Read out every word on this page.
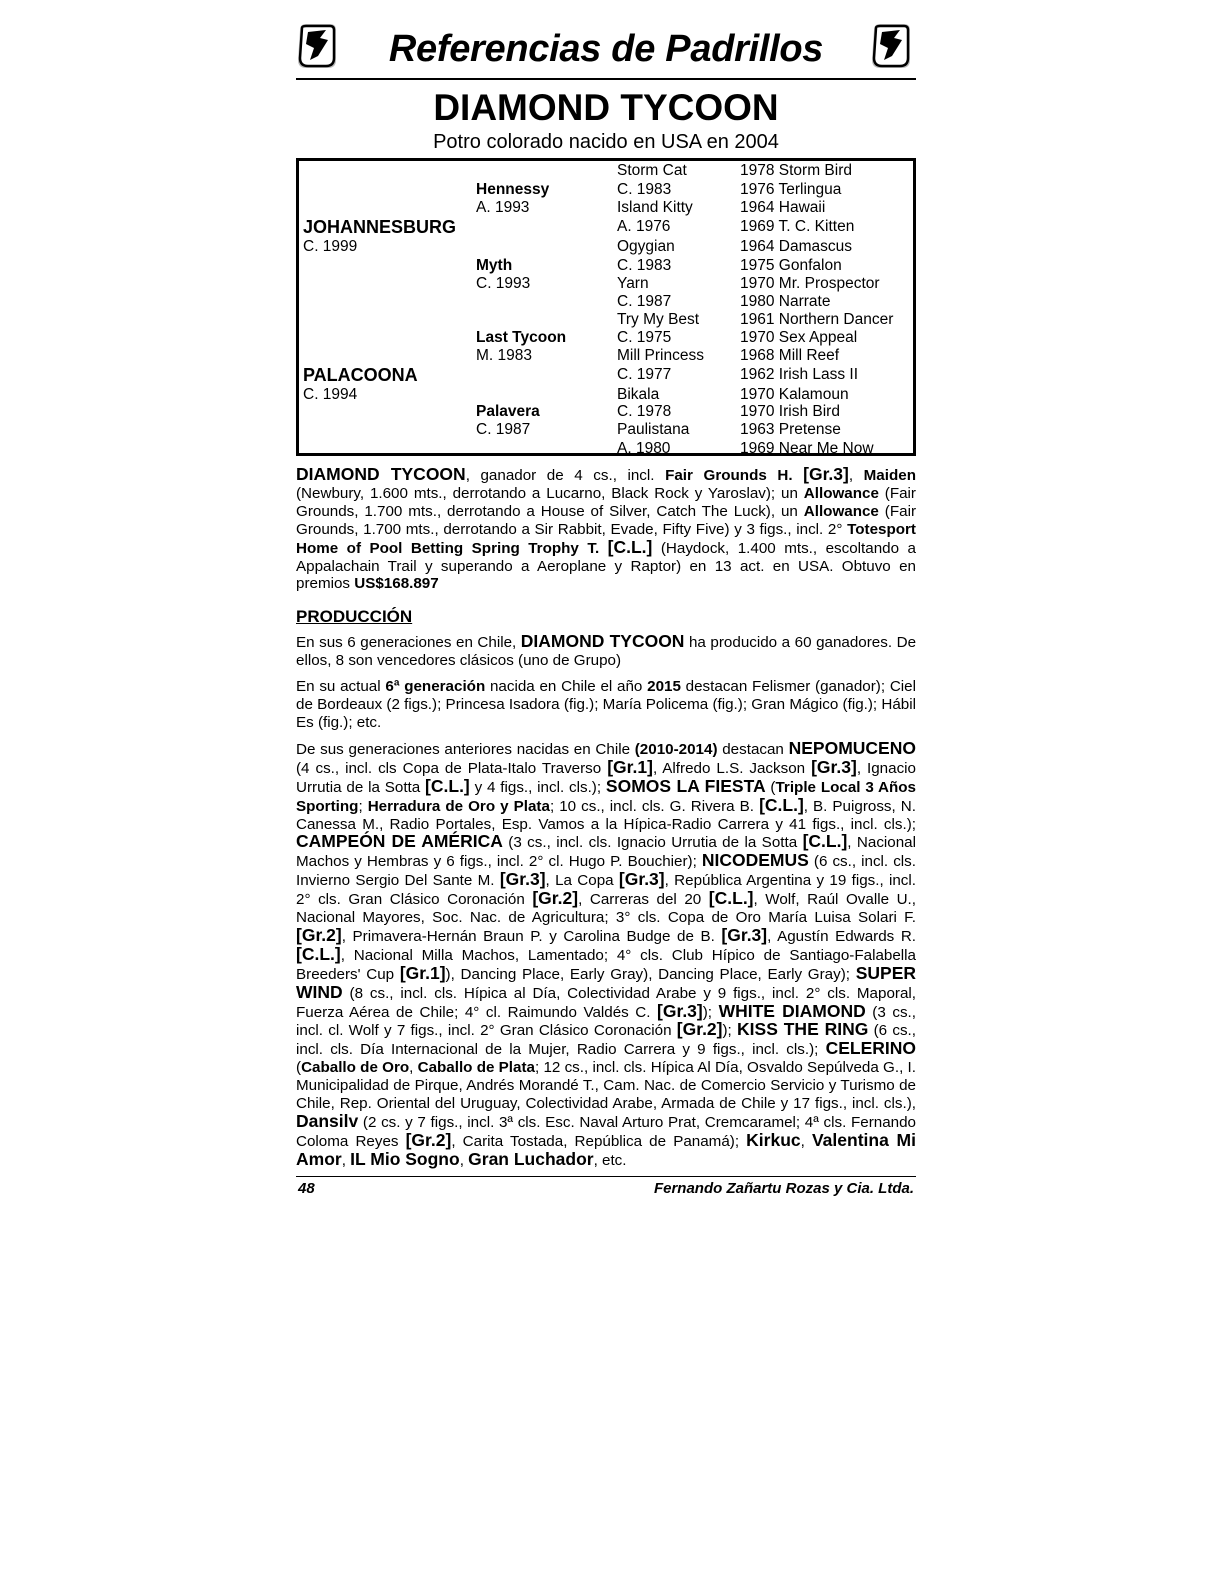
Referencias de Padrillos
DIAMOND TYCOON
Potro colorado nacido en USA en 2004
JOHANNESBURG
C. 1999
PALACOONA
C. 1994
Hennessy
A. 1993
Myth
C. 1993
Last Tycoon
M. 1983
Palavera
C. 1987
Storm Cat
C. 1983
Island Kitty
A. 1976
Ogygian
C. 1983
Yarn
C. 1987
Try My Best
C. 1975
Mill Princess
C. 1977
Bikala
C. 1978
Paulistana
A. 1980
1978 Storm Bird
1976 Terlingua
1964 Hawaii
1969 T. C. Kitten
1964 Damascus
1975 Gonfalon
1970 Mr. Prospector
1980 Narrate
1961 Northern Dancer
1970 Sex Appeal
1968 Mill Reef
1962 Irish Lass II
1970 Kalamoun
1970 Irish Bird
1963 Pretense
1969 Near Me Now

DIAMOND TYCOON, ganador de 4 cs., incl. Fair Grounds H. [Gr.3], Maiden (Newbury, 1.600 mts., derrotando a Lucarno, Black Rock y Yaroslav); un Allowance (Fair Grounds, 1.700 mts., derrotando a House of Silver, Catch The Luck), un Allowance (Fair Grounds, 1.700 mts., derrotando a Sir Rabbit, Evade, Fifty Five) y 3 figs., incl. 2° Totesport Home of Pool Betting Spring Trophy T. [C.L.] (Haydock, 1.400 mts., escoltando a Appalachain Trail y superando a Aeroplane y Raptor) en 13 act. en USA. Obtuvo en premios US$168.897

PRODUCCIÓN

En sus 6 generaciones en Chile, DIAMOND TYCOON ha producido a 60 ganadores. De ellos, 8 son vencedores clásicos (uno de Grupo)

En su actual 6ª generación nacida en Chile el año 2015 destacan Felismer (ganador); Ciel de Bordeaux (2 figs.); Princesa Isadora (fig.); María Policema (fig.); Gran Mágico (fig.); Hábil Es (fig.); etc.

De sus generaciones anteriores nacidas en Chile (2010-2014) destacan NEPOMUCENO (4 cs., incl. cls Copa de Plata-Italo Traverso [Gr.1], Alfredo L.S. Jackson [Gr.3], Ignacio Urrutia de la Sotta [C.L.] y 4 figs., incl. cls.); SOMOS LA FIESTA (Triple Local 3 Años Sporting; Herradura de Oro y Plata; 10 cs., incl. cls. G. Rivera B. [C.L.], B. Puigross, N. Canessa M., Radio Portales, Esp. Vamos a la Hípica-Radio Carrera y 41 figs., incl. cls.); CAMPEÓN DE AMÉRICA (3 cs., incl. cls. Ignacio Urrutia de la Sotta [C.L.], Nacional Machos y Hembras y 6 figs., incl. 2° cl. Hugo P. Bouchier); NICODEMUS (6 cs., incl. cls. Invierno Sergio Del Sante M. [Gr.3], La Copa [Gr.3], República Argentina y 19 figs., incl. 2° cls. Gran Clásico Coronación [Gr.2], Carreras del 20 [C.L.], Wolf, Raúl Ovalle U., Nacional Mayores, Soc. Nac. de Agricultura; 3° cls. Copa de Oro María Luisa Solari F. [Gr.2], Primavera-Hernán Braun P. y Carolina Budge de B. [Gr.3], Agustín Edwards R. [C.L.], Nacional Milla Machos, Lamentado; 4° cls. Club Hípico de Santiago-Falabella Breeders' Cup [Gr.1]), Dancing Place, Early Gray), Dancing Place, Early Gray); SUPER WIND (8 cs., incl. cls. Hípica al Día, Colectividad Arabe y 9 figs., incl. 2° cls. Maporal, Fuerza Aérea de Chile; 4° cl. Raimundo Valdés C. [Gr.3]); WHITE DIAMOND (3 cs., incl. cl. Wolf y 7 figs., incl. 2° Gran Clásico Coronación [Gr.2]); KISS THE RING (6 cs., incl. cls. Día Internacional de la Mujer, Radio Carrera y 9 figs., incl. cls.); CELERINO (Caballo de Oro, Caballo de Plata; 12 cs., incl. cls. Hípica Al Día, Osvaldo Sepúlveda G., I. Municipalidad de Pirque, Andrés Morandé T., Cam. Nac. de Comercio Servicio y Turismo de Chile, Rep. Oriental del Uruguay, Colectividad Arabe, Armada de Chile y 17 figs., incl. cls.), Dansilv (2 cs. y 7 figs., incl. 3ª cls. Esc. Naval Arturo Prat, Cremcaramel; 4ª cls. Fernando Coloma Reyes [Gr.2], Carita Tostada, República de Panamá); Kirkuc, Valentina Mi Amor, IL Mio Sogno, Gran Luchador, etc.

48	Fernando Zañartu Rozas y Cia. Ltda.
